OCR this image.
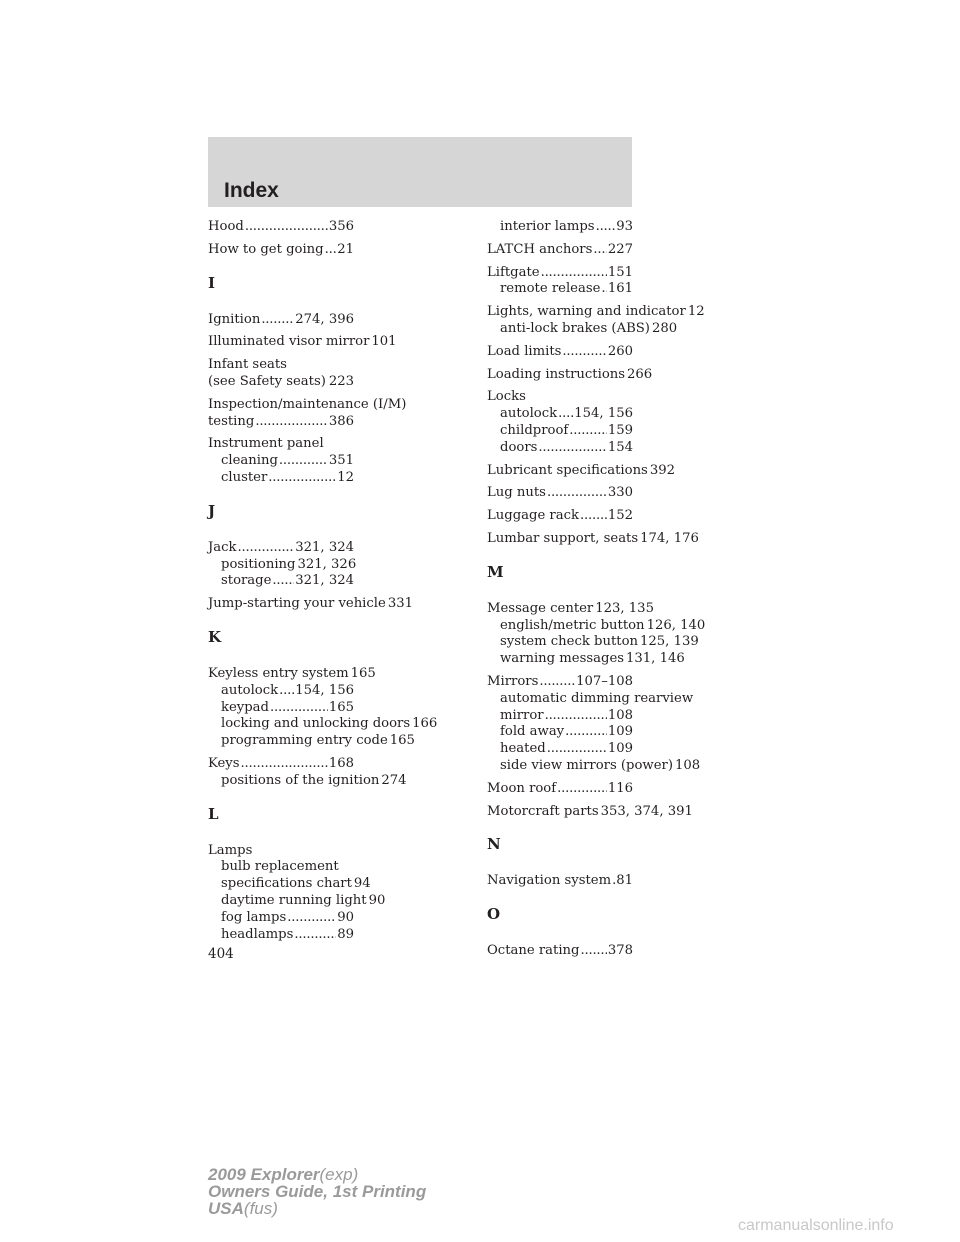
Index
Hood .....	356
How to get going ..... 21
I
Ignition .....	274, 396
Illuminated visor mirror 101
Infant seats
(see Safety seats) ..... 223
Inspection/maintenance (I/M)
testing .....	386
Instrument panel
cleaning .....	351
cluster .....	12
J
Jack .....	321, 324
positioning 321, 326
storage ..... 321, 324
Jump-starting your vehicle 331
K
Keyless entry system 165
autolock ..... 154, 156
keypad .....	165
locking and unlocking doors 166
programming entry code 165
Keys .....	168
positions of the ignition 274
L
Lamps
bulb replacement
specifications chart 94
daytime running light 90
fog lamps .....	90
headlamps .....	89
interior lamps ..... 93
LATCH anchors ..... 227
Liftgate .....	151
remote release ..... 161
Lights, warning and indicator 12
anti-lock brakes (ABS) 280
Load limits .....	260
Loading instructions 266
Locks
autolock ..... 154, 156
childproof .....	159
doors .....	154
Lubricant specifications 392
Lug nuts .....	330
Luggage rack ..... 152
Lumbar support, seats 174, 176
M
Message center 123, 135
english/metric button 126, 140
system check button 125, 139
warning messages 131, 146
Mirrors .....	107–108
automatic dimming rearview
mirror .....	108
fold away .....	109
heated .....	109
side view mirrors (power) 108
Moon roof .....	116
Motorcraft parts 353, 374, 391
N
Navigation system ..... 81
O
Octane rating ..... 378
404
2009 Explorer(exp)
Owners Guide, 1st Printing
USA(fus)
carmanualsonline.info
